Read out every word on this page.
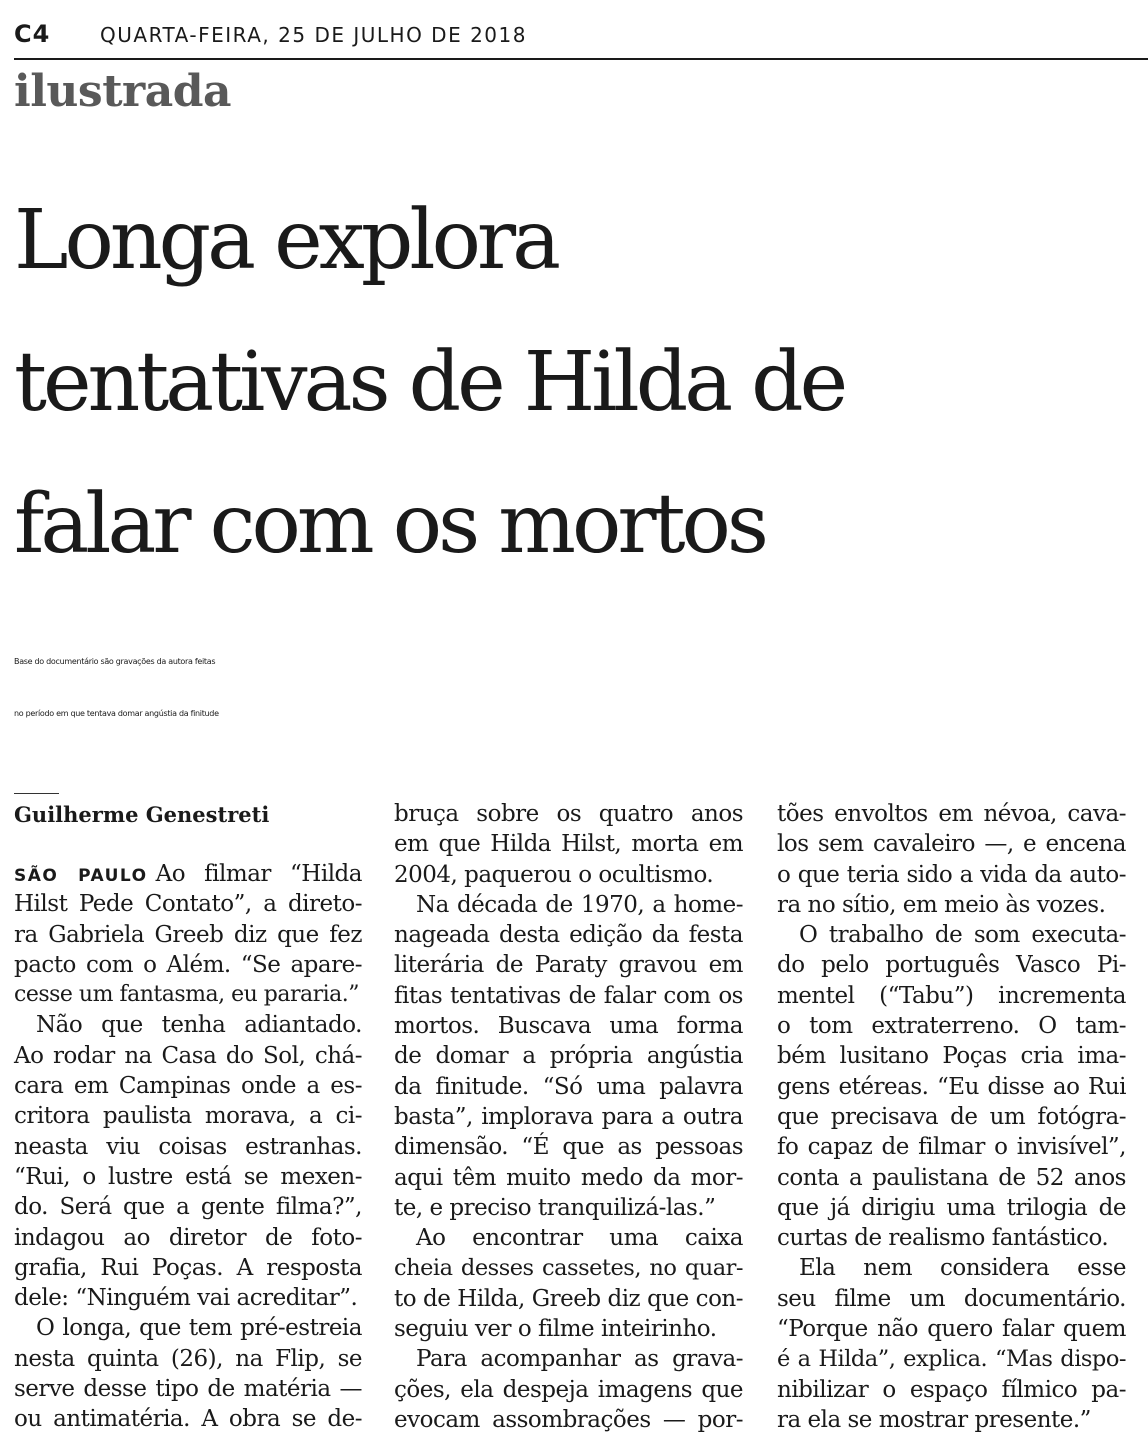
C4 QUARTA-FEIRA, 25 DE JULHO DE 2018
ilustrada
Longa explora
tentativas de Hilda de
falar com os mortos
Base do documentário são gravações da autora feitas
no período em que tentava domar angústia da finitude
Guilherme Genestreti
SÃO PAULO Ao filmar “Hilda
Hilst Pede Contato”, a direto-
ra Gabriela Greeb diz que fez
pacto com o Além. “Se apare-
cesse um fantasma, eu pararia.”
Não que tenha adiantado.
Ao rodar na Casa do Sol, chá-
cara em Campinas onde a es-
critora paulista morava, a ci-
neasta viu coisas estranhas.
“Rui, o lustre está se mexen-
do. Será que a gente filma?”,
indagou ao diretor de foto-
grafia, Rui Poças. A resposta
dele: “Ninguém vai acreditar”.
O longa, que tem pré-estreia
nesta quinta (26), na Flip, se
serve desse tipo de matéria —
ou antimatéria. A obra se de-
bruça sobre os quatro anos
em que Hilda Hilst, morta em
2004, paquerou o ocultismo.
Na década de 1970, a home-
nageada desta edição da festa
literária de Paraty gravou em
fitas tentativas de falar com os
mortos. Buscava uma forma
de domar a própria angústia
da finitude. “Só uma palavra
basta”, implorava para a outra
dimensão. “É que as pessoas
aqui têm muito medo da mor-
te, e preciso tranquilizá-las.”
Ao encontrar uma caixa
cheia desses cassetes, no quar-
to de Hilda, Greeb diz que con-
seguiu ver o filme inteirinho.
Para acompanhar as grava-
ções, ela despeja imagens que
evocam assombrações — por-
tões envoltos em névoa, cava-
los sem cavaleiro —, e encena
o que teria sido a vida da auto-
ra no sítio, em meio às vozes.
O trabalho de som executa-
do pelo português Vasco Pi-
mentel (“Tabu”) incrementa
o tom extraterreno. O tam-
bém lusitano Poças cria ima-
gens etéreas. “Eu disse ao Rui
que precisava de um fotógra-
fo capaz de filmar o invisível”,
conta a paulistana de 52 anos
que já dirigiu uma trilogia de
curtas de realismo fantástico.
Ela nem considera esse
seu filme um documentário.
“Porque não quero falar quem
é a Hilda”, explica. “Mas dispo-
nibilizar o espaço fílmico pa-
ra ela se mostrar presente.”
